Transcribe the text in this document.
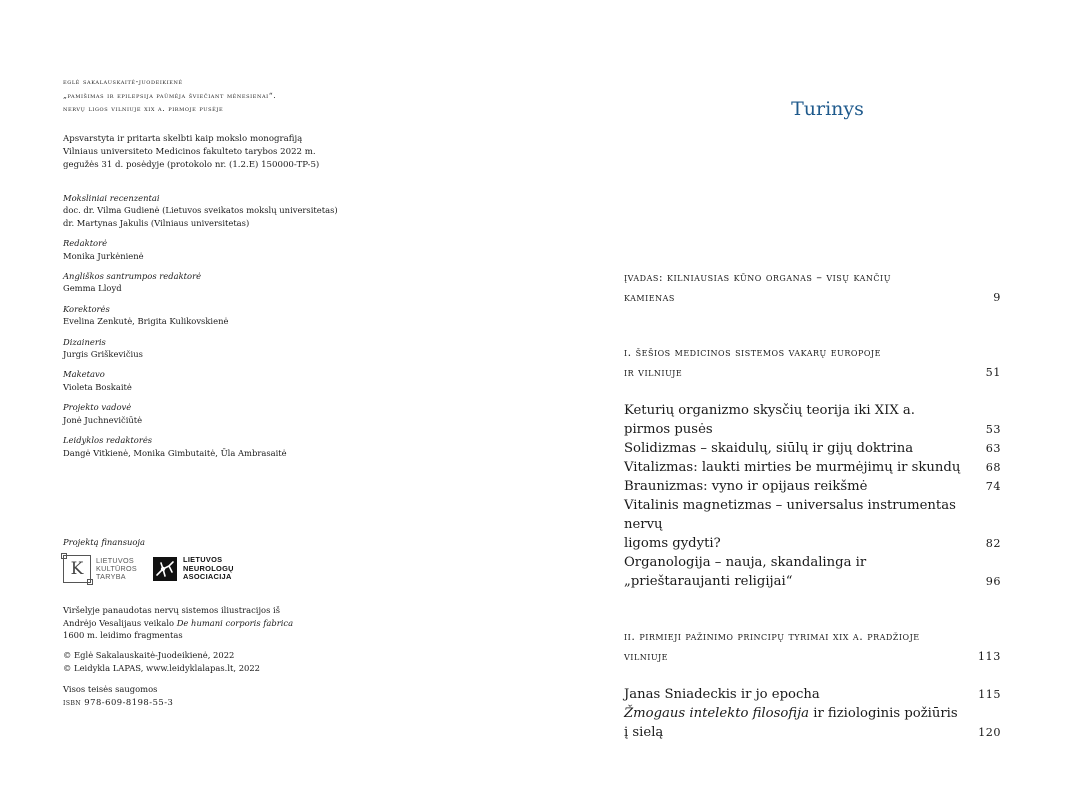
eglė sakalauskaitė-juodeikienė
„pamišimas ir epilepsija paūmėja šviečiant mėnesienai“.
nervų ligos vilniuje xix a. pirmoje pusėje
Apsvarstyta ir pritarta skelbti kaip mokslo monografiją
Vilniaus universiteto Medicinos fakulteto tarybos 2022 m.
gegužės 31 d. posėdyje (protokolo nr. (1.2.E) 150000-TP-5)
Moksliniai recenzentai
doc. dr. Vilma Gudienė (Lietuvos sveikatos mokslų universitetas)
dr. Martynas Jakulis (Vilniaus universitetas)
Redaktorė
Monika Jurkėnienė
Angliškos santrumpos redaktorė
Gemma Lloyd
Korektorės
Evelina Zenkutė, Brigita Kulikovskienė
Dizaineris
Jurgis Griškevičius
Maketavo
Violeta Boskaitė
Projekto vadovė
Jonė Juchnevičiūtė
Leidyklos redaktorės
Dangė Vitkienė, Monika Gimbutaitė, Ūla Ambrasaitė
Projektą finansuoja
K LIETUVOS
KULTŪROS
TARYBA
LIETUVOS
NEUROLOGŲ
ASOCIACIJA
Viršelyje panaudotas nervų sistemos iliustracijos iš
Andrėjo Vesalijaus veikalo De humani corporis fabrica
1600 m. leidimo fragmentas
© Eglė Sakalauskaitė-Juodeikienė, 2022
© Leidykla LAPAS, www.leidyklalapas.lt, 2022
Visos teisės saugomos
isbn 978-609-8198-55-3
Turinys
įvadas: kilniausias kūno organas – visų kančių
kamienas	9
i. šešios medicinos sistemos vakarų europoje
ir vilniuje	51
Keturių organizmo skysčių teorija iki XIX a. pirmos pusės	53
Solidizmas – skaidulų, siūlų ir gijų doktrina	63
Vitalizmas: laukti mirties be murmėjimų ir skundų	68
Braunizmas: vyno ir opijaus reikšmė	74
Vitalinis magnetizmas – universalus instrumentas nervų
ligoms gydyti?	82
Organologija – nauja, skandalinga ir „prieštaraujanti religijai“	96
ii. pirmieji pažinimo principų tyrimai xix a. pradžioje
vilniuje	113
Janas Sniadeckis ir jo epocha	115
Žmogaus intelekto filosofija ir fiziologinis požiūris į sielą	120
